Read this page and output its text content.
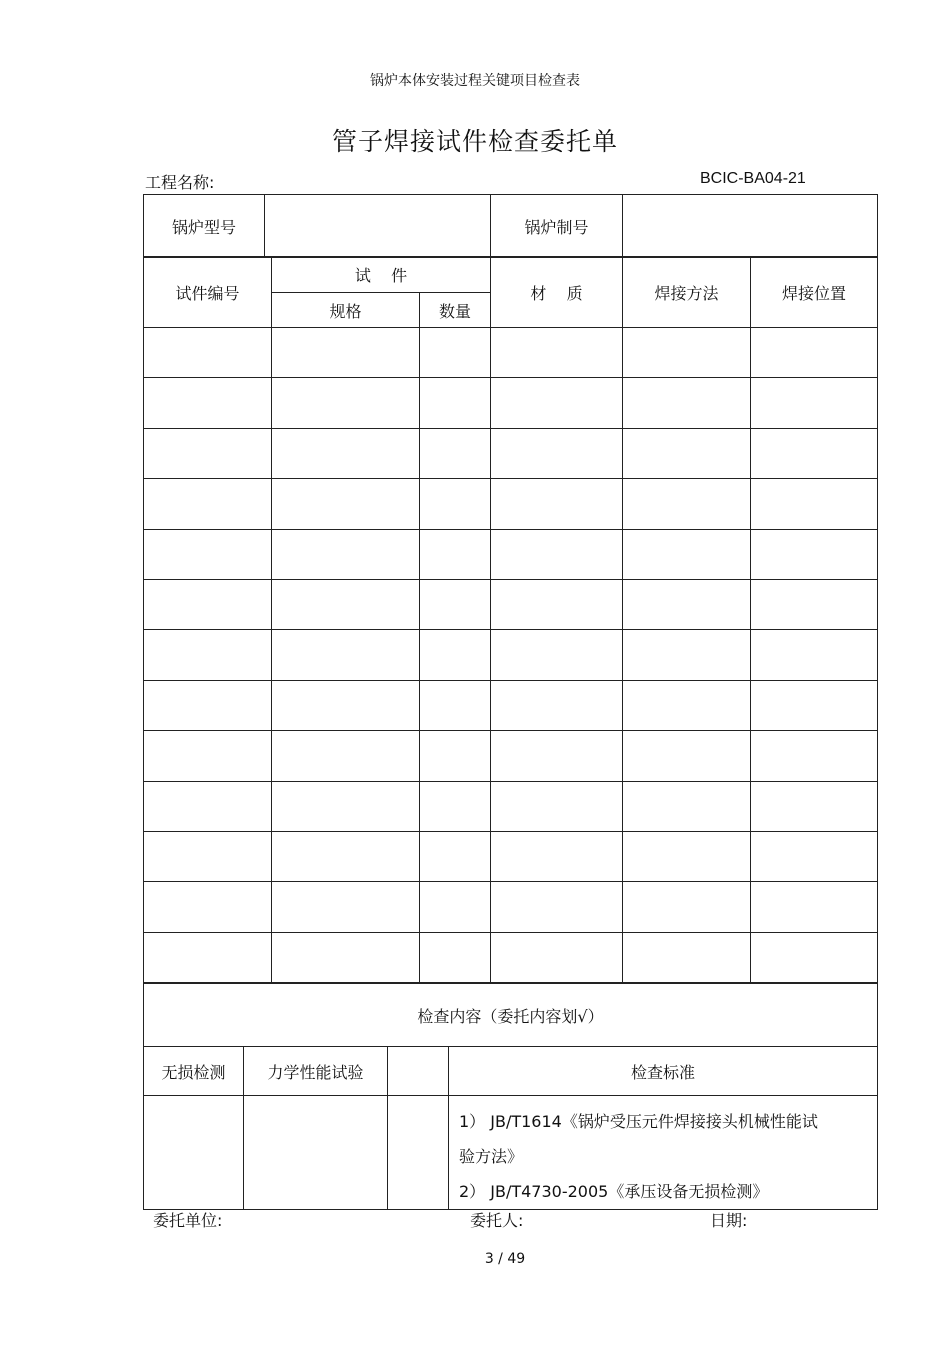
锅炉本体安装过程关键项目检查表
管子焊接试件检查委托单
工程名称:	BCIC-BA04-21
锅炉型号		锅炉制号	
试件编号	试    件		材    质	焊接方法	焊接位置
	规格	数量			

检查内容（委托内容划√）			
无损检测	力学性能试验		检查标准

			1） JB/T1614《锅炉受压元件焊接接头机械性能试
验方法》
2） JB/T4730-2005《承压设备无损检测》
委托单位:	委托人:	日期:
3 / 49
